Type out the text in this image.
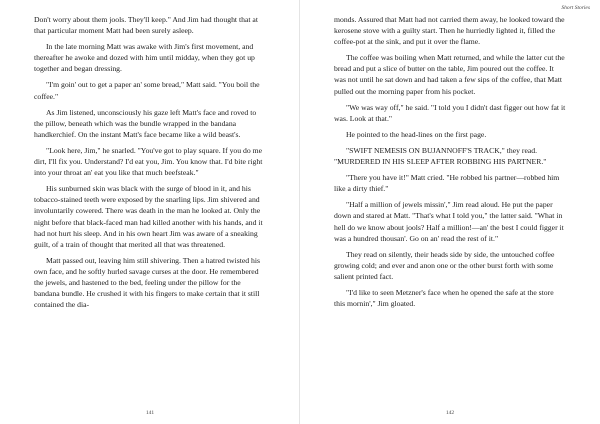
Don't worry about them jools. They'll keep." And Jim had thought that at that particular moment Matt had been surely asleep.

In the late morning Matt was awake with Jim's first movement, and thereafter he awoke and dozed with him until midday, when they got up together and began dressing.

"I'm goin' out to get a paper an' some bread," Matt said. "You boil the coffee."

As Jim listened, unconsciously his gaze left Matt's face and roved to the pillow, beneath which was the bundle wrapped in the bandana handkerchief. On the instant Matt's face became like a wild beast's.

"Look here, Jim," he snarled. "You've got to play square. If you do me dirt, I'll fix you. Understand? I'd eat you, Jim. You know that. I'd bite right into your throat an' eat you like that much beefsteak."

His sunburned skin was black with the surge of blood in it, and his tobacco-stained teeth were exposed by the snarling lips. Jim shivered and involuntarily cowered. There was death in the man he looked at. Only the night before that black-faced man had killed another with his hands, and it had not hurt his sleep. And in his own heart Jim was aware of a sneaking guilt, of a train of thought that merited all that was threatened.

Matt passed out, leaving him still shivering. Then a hatred twisted his own face, and he softly hurled savage curses at the door. He remembered the jewels, and hastened to the bed, feeling under the pillow for the bandana bundle. He crushed it with his fingers to make certain that it still contained the dia-

141
Short Stories

monds. Assured that Matt had not carried them away, he looked toward the kerosene stove with a guilty start. Then he hurriedly lighted it, filled the coffee-pot at the sink, and put it over the flame.

The coffee was boiling when Matt returned, and while the latter cut the bread and put a slice of butter on the table, Jim poured out the coffee. It was not until he sat down and had taken a few sips of the coffee, that Matt pulled out the morning paper from his pocket.

"We was way off," he said. "I told you I didn't dast figger out how fat it was. Look at that."

He pointed to the head-lines on the first page.

"SWIFT NEMESIS ON BUJANNOFF'S TRACK," they read. "MURDERED IN HIS SLEEP AFTER ROBBING HIS PARTNER."

"There you have it!" Matt cried. "He robbed his partner—robbed him like a dirty thief."

"Half a million of jewels missin'," Jim read aloud. He put the paper down and stared at Matt. "That's what I told you," the latter said. "What in hell do we know about jools? Half a million!—an' the best I could figger it was a hundred thousan'. Go on an' read the rest of it."

They read on silently, their heads side by side, the untouched coffee growing cold; and ever and anon one or the other burst forth with some salient printed fact.

"I'd like to seen Metzner's face when he opened the safe at the store this mornin'," Jim gloated.

142
